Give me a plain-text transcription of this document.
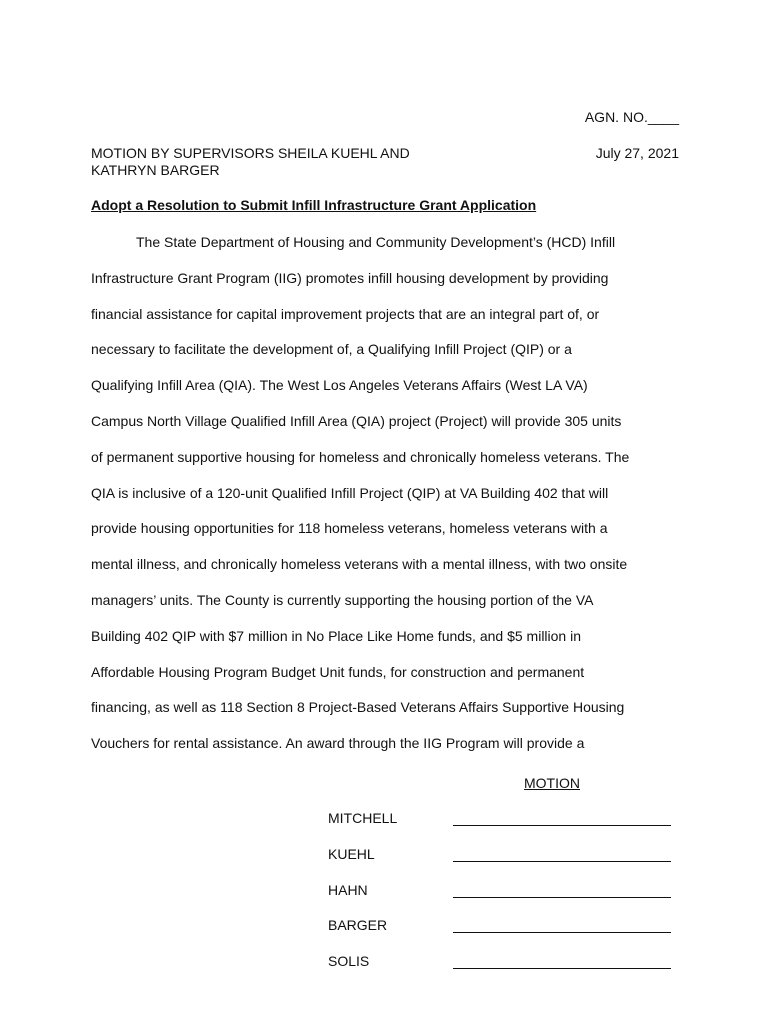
AGN. NO.____
MOTION BY SUPERVISORS SHEILA KUEHL AND KATHRYN BARGER
July 27, 2021
Adopt a Resolution to Submit Infill Infrastructure Grant Application
The State Department of Housing and Community Development’s (HCD) Infill
Infrastructure Grant Program (IIG) promotes infill housing development by providing
financial assistance for capital improvement projects that are an integral part of, or
necessary to facilitate the development of, a Qualifying Infill Project (QIP) or a
Qualifying Infill Area (QIA). The West Los Angeles Veterans Affairs (West LA VA)
Campus North Village Qualified Infill Area (QIA) project (Project) will provide 305 units
of permanent supportive housing for homeless and chronically homeless veterans. The
QIA is inclusive of a 120-unit Qualified Infill Project (QIP) at VA Building 402 that will
provide housing opportunities for 118 homeless veterans, homeless veterans with a
mental illness, and chronically homeless veterans with a mental illness, with two onsite
managers’ units. The County is currently supporting the housing portion of the VA
Building 402 QIP with $7 million in No Place Like Home funds, and $5 million in
Affordable Housing Program Budget Unit funds, for construction and permanent
financing, as well as 118 Section 8 Project-Based Veterans Affairs Supportive Housing
Vouchers for rental assistance. An award through the IIG Program will provide a
MOTION
MITCHELL
KUEHL
HAHN
BARGER
SOLIS
